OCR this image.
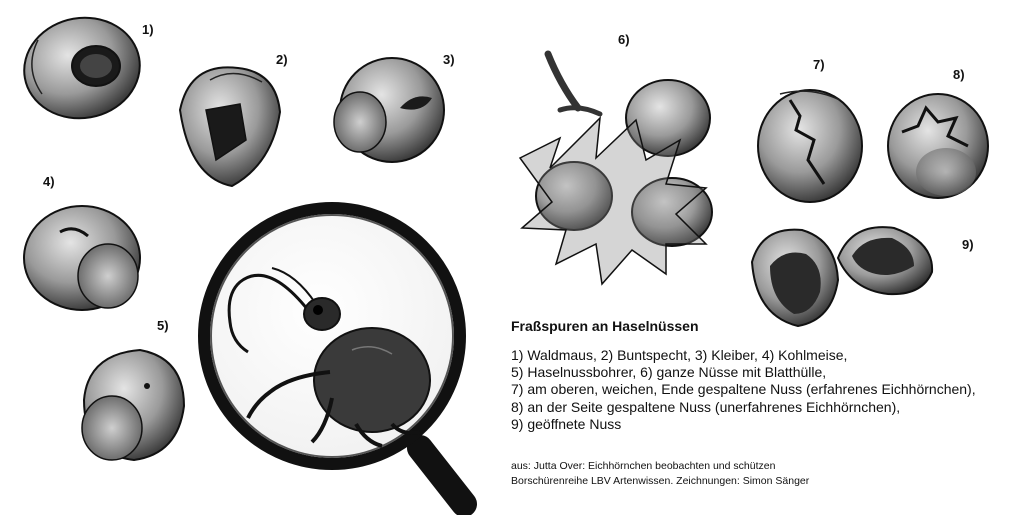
1)
2)	3)
4)
5)
6)
7)
8)
9)
Fraßspuren an Haselnüssen
1) Waldmaus, 2) Buntspecht, 3) Kleiber, 4) Kohlmeise,
5) Haselnussbohrer, 6) ganze Nüsse mit Blatthülle,
7) am oberen, weichen, Ende gespaltene Nuss (erfahrenes Eichhörnchen),
8) an der Seite gespaltene Nuss (unerfahrenes Eichhörnchen),
9) geöffnete Nuss
aus: Jutta Over: Eichhörnchen beobachten und schützen
Borschürenreihe LBV Artenwissen. Zeichnungen: Simon Sänger
